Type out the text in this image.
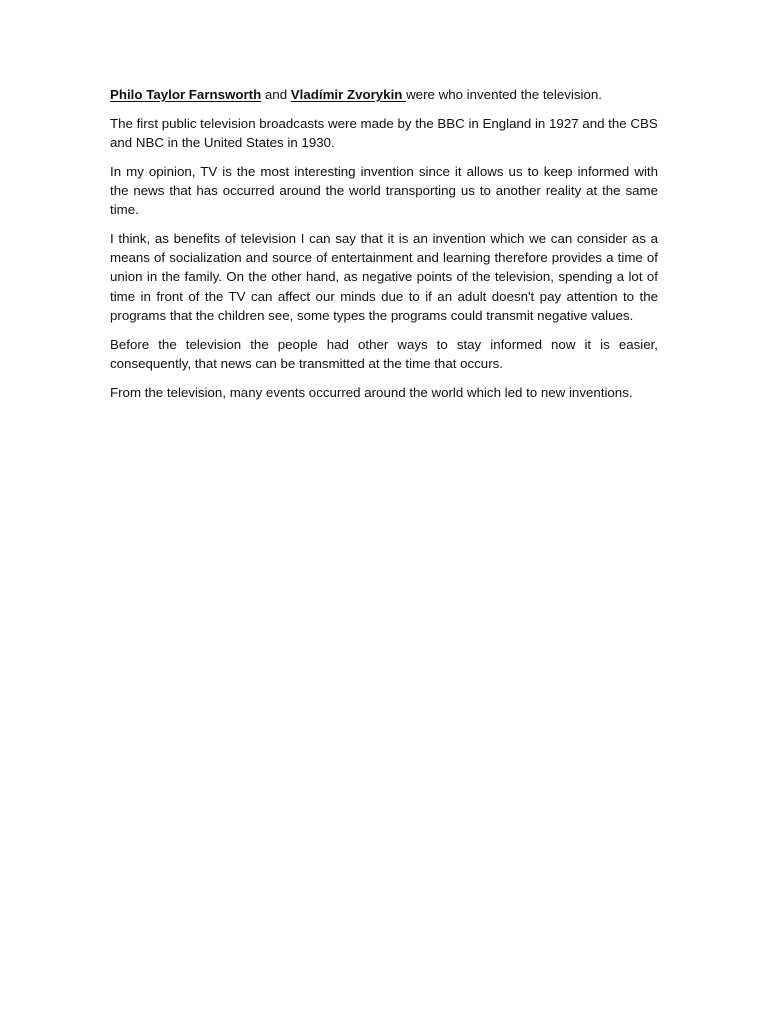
Philo Taylor Farnsworth and Vladímir Zvorykin were who invented the television.

The first public television broadcasts were made by the BBC in England in 1927 and the CBS and NBC in the United States in 1930.

In my opinion, TV is the most interesting invention since it allows us to keep informed with the news that has occurred around the world transporting us to another reality at the same time.

I think, as benefits of television I can say that it is an invention which we can consider as a means of socialization and source of entertainment and learning therefore provides a time of union in the family. On the other hand, as negative points of the television, spending a lot of time in front of the TV can affect our minds due to if an adult doesn't pay attention to the programs that the children see, some types the programs could transmit negative values.

Before the television the people had other ways to stay informed now it is easier, consequently, that news can be transmitted at the time that occurs.

From the television, many events occurred around the world which led to new inventions.
